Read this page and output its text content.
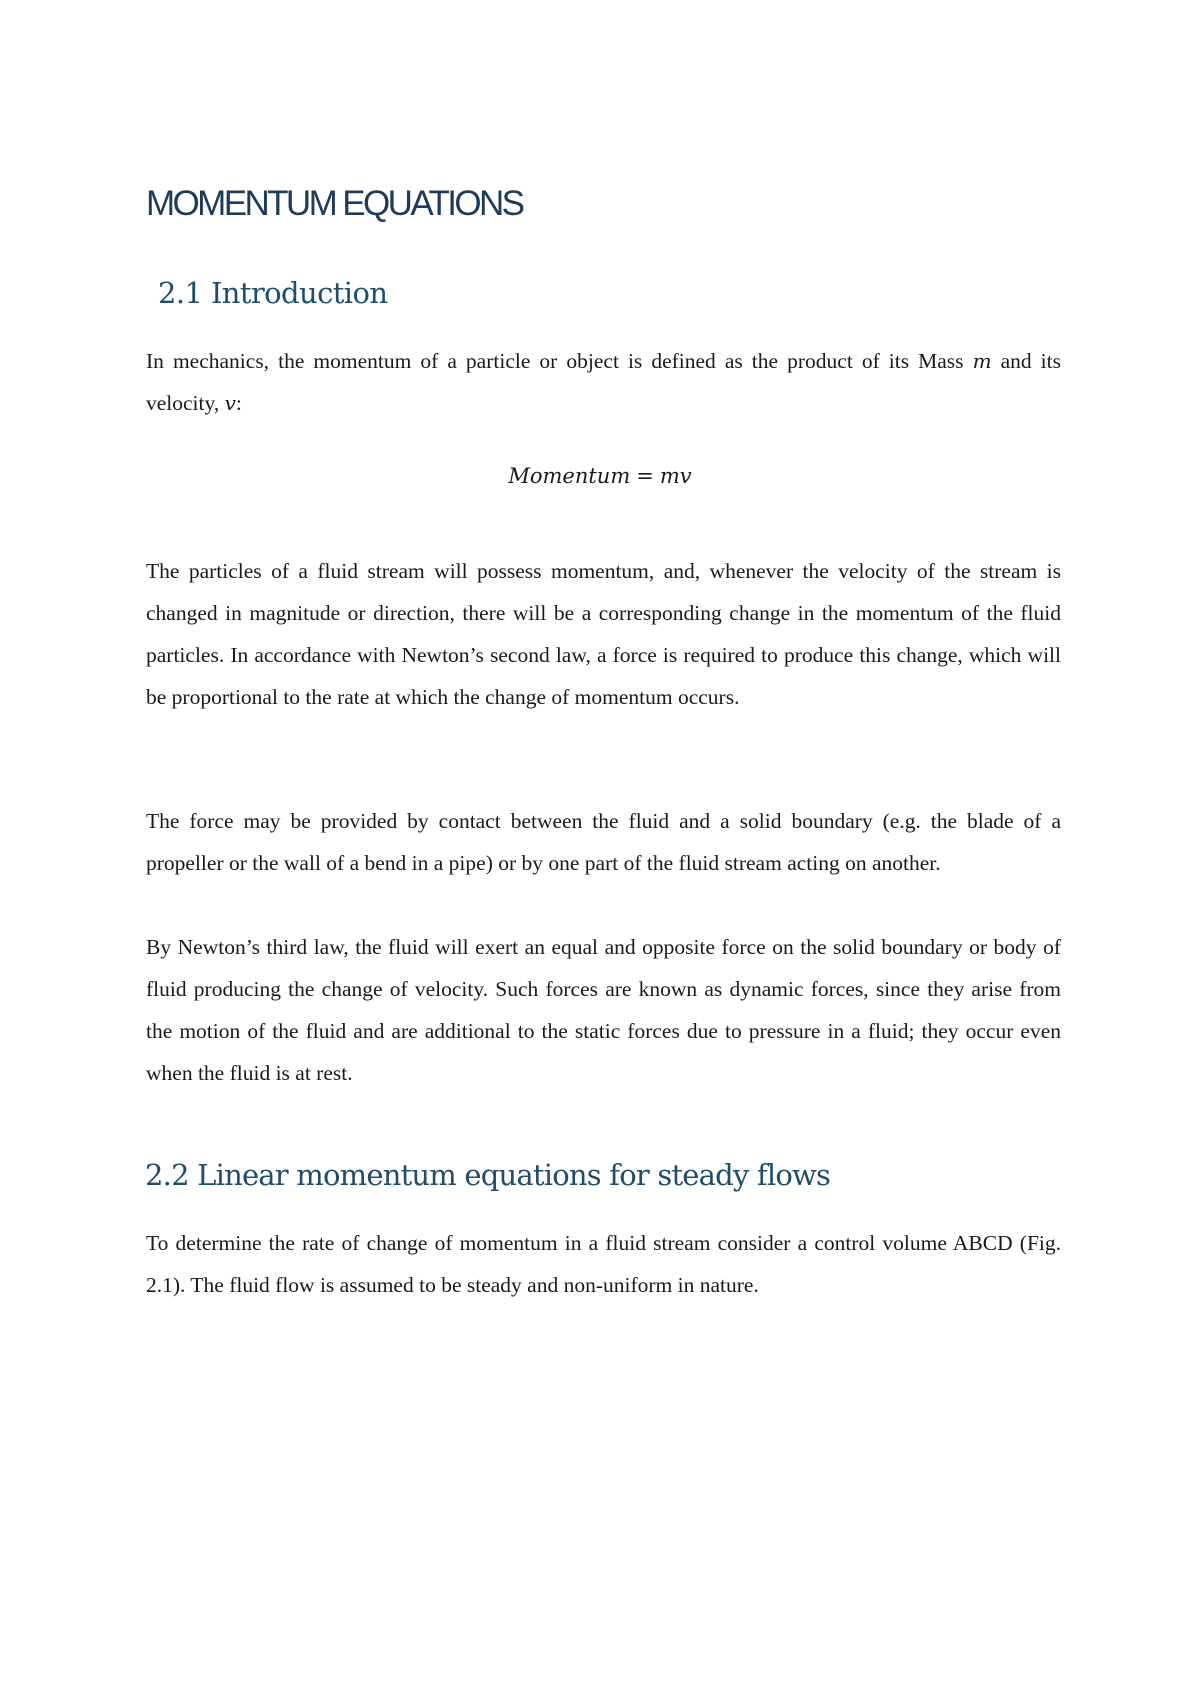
MOMENTUM EQUATIONS
2.1 Introduction

In mechanics, the momentum of a particle or object is defined as the product of its Mass m and its velocity, v:

Momentum = mv

The particles of a fluid stream will possess momentum, and, whenever the velocity of the stream is changed in magnitude or direction, there will be a corresponding change in the momentum of the fluid particles. In accordance with Newton’s second law, a force is required to produce this change, which will be proportional to the rate at which the change of momentum occurs.

The force may be provided by contact between the fluid and a solid boundary (e.g. the blade of a propeller or the wall of a bend in a pipe) or by one part of the fluid stream acting on another.

By Newton’s third law, the fluid will exert an equal and opposite force on the solid boundary or body of fluid producing the change of velocity. Such forces are known as dynamic forces, since they arise from the motion of the fluid and are additional to the static forces due to pressure in a fluid; they occur even when the fluid is at rest.

2.2 Linear momentum equations for steady flows

To determine the rate of change of momentum in a fluid stream consider a control volume ABCD (Fig. 2.1). The fluid flow is assumed to be steady and non-uniform in nature.
